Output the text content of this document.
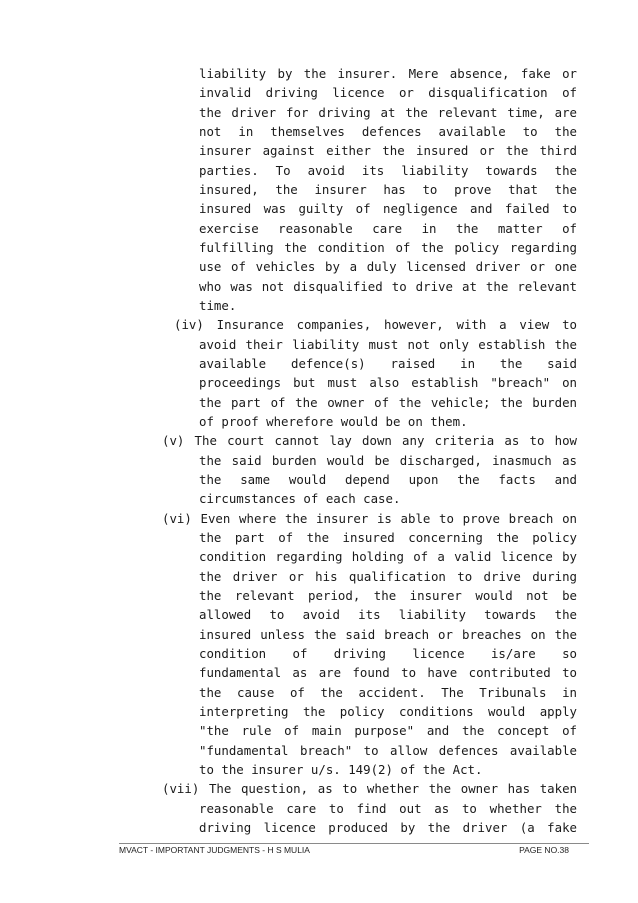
liability by the insurer. Mere absence, fake or
invalid driving licence or disqualification of
the driver for driving at the relevant time, are
not in themselves defences available to the
insurer against either the insured or the third
parties. To avoid its liability towards the
insured, the insurer has to prove that the
insured was guilty of negligence and failed to
exercise reasonable care in the matter of
fulfilling the condition of the policy regarding
use of vehicles by a duly licensed driver or one
who was not disqualified to drive at the relevant
time.
(iv) Insurance companies, however, with a view to
avoid their liability must not only establish the
available defence(s) raised in the said
proceedings but must also establish "breach" on
the part of the owner of the vehicle; the burden
of proof wherefore would be on them.
(v) The court cannot lay down any criteria as to how
the said burden would be discharged, inasmuch as
the same would depend upon the facts and
circumstances of each case.
(vi) Even where the insurer is able to prove breach on
the part of the insured concerning the policy
condition regarding holding of a valid licence by
the driver or his qualification to drive during
the relevant period, the insurer would not be
allowed to avoid its liability towards the
insured unless the said breach or breaches on the
condition of driving licence is/are so
fundamental as are found to have contributed to
the cause of the accident. The Tribunals in
interpreting the policy conditions would apply
"the rule of main purpose" and the concept of
"fundamental breach" to allow defences available
to the insurer u/s. 149(2) of the Act.
(vii) The question, as to whether the owner has taken
reasonable care to find out as to whether the
driving licence produced by the driver (a fake
MVACT - IMPORTANT JUDGMENTS - H S MULIA	PAGE NO.38
